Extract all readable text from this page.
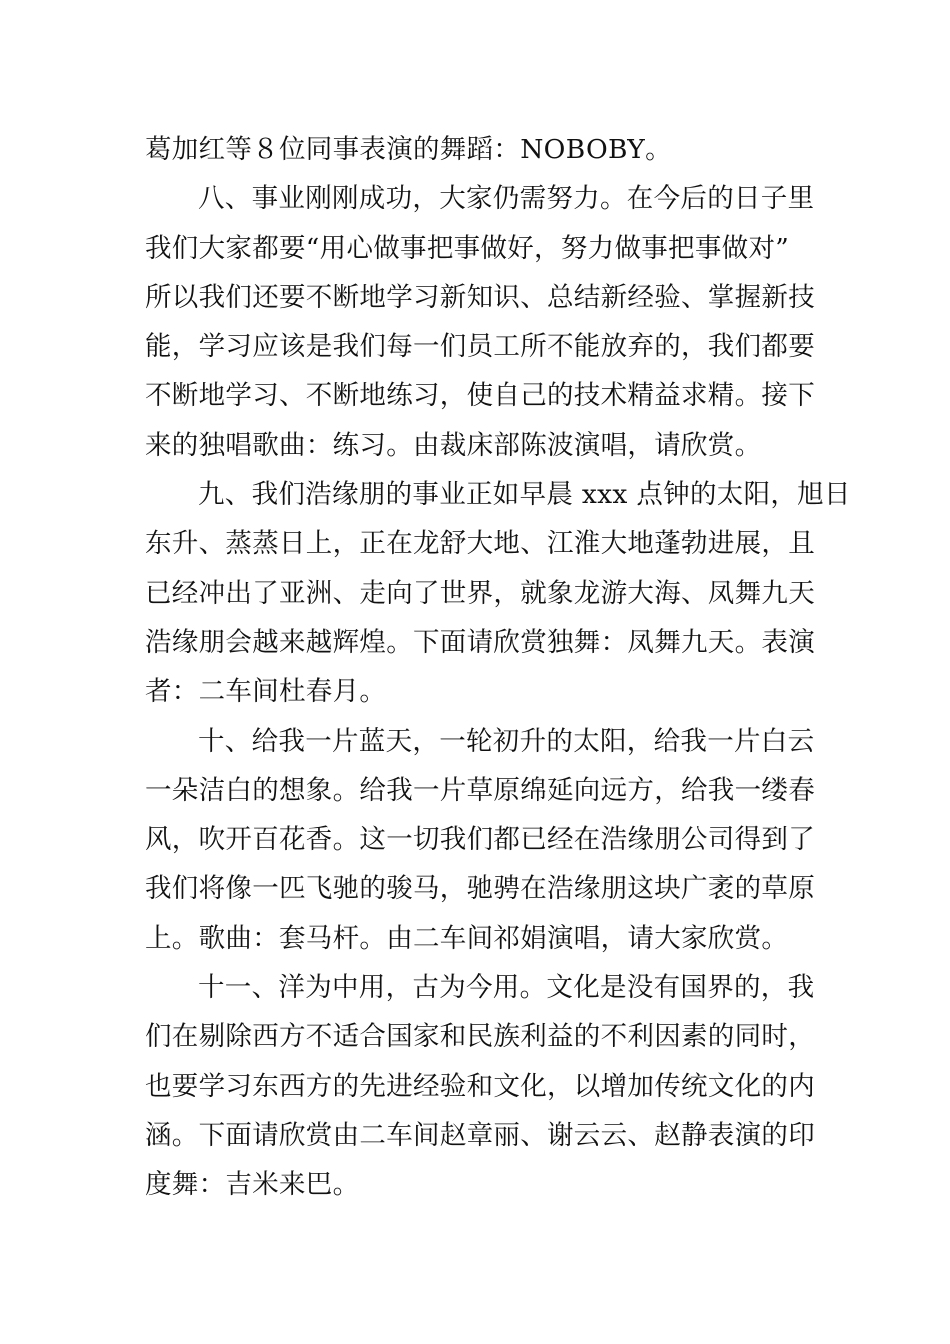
葛加红等８位同事表演的舞蹈：NOBOBY。
八、事业刚刚成功，大家仍需努力。在今后的日子里
我们大家都要“用心做事把事做好，努力做事把事做对”
所以我们还要不断地学习新知识、总结新经验、掌握新技
能，学习应该是我们每一们员工所不能放弃的，我们都要
不断地学习、不断地练习，使自己的技术精益求精。接下
来的独唱歌曲：练习。由裁床部陈波演唱，请欣赏。
九、我们浩缘朋的事业正如早晨 xxx 点钟的太阳，旭日
东升、蒸蒸日上，正在龙舒大地、江淮大地蓬勃进展，且
已经冲出了亚洲、走向了世界，就象龙游大海、凤舞九天
浩缘朋会越来越辉煌。下面请欣赏独舞：凤舞九天。表演
者：二车间杜春月。
十、给我一片蓝天，一轮初升的太阳，给我一片白云
一朵洁白的想象。给我一片草原绵延向远方，给我一缕春
风，吹开百花香。这一切我们都已经在浩缘朋公司得到了
我们将像一匹飞驰的骏马，驰骋在浩缘朋这块广袤的草原
上。歌曲：套马杆。由二车间祁娟演唱，请大家欣赏。
十一、洋为中用，古为今用。文化是没有国界的，我
们在剔除西方不适合国家和民族利益的不利因素的同时，
也要学习东西方的先进经验和文化，以增加传统文化的内
涵。下面请欣赏由二车间赵章丽、谢云云、赵静表演的印
度舞：吉米来巴。
